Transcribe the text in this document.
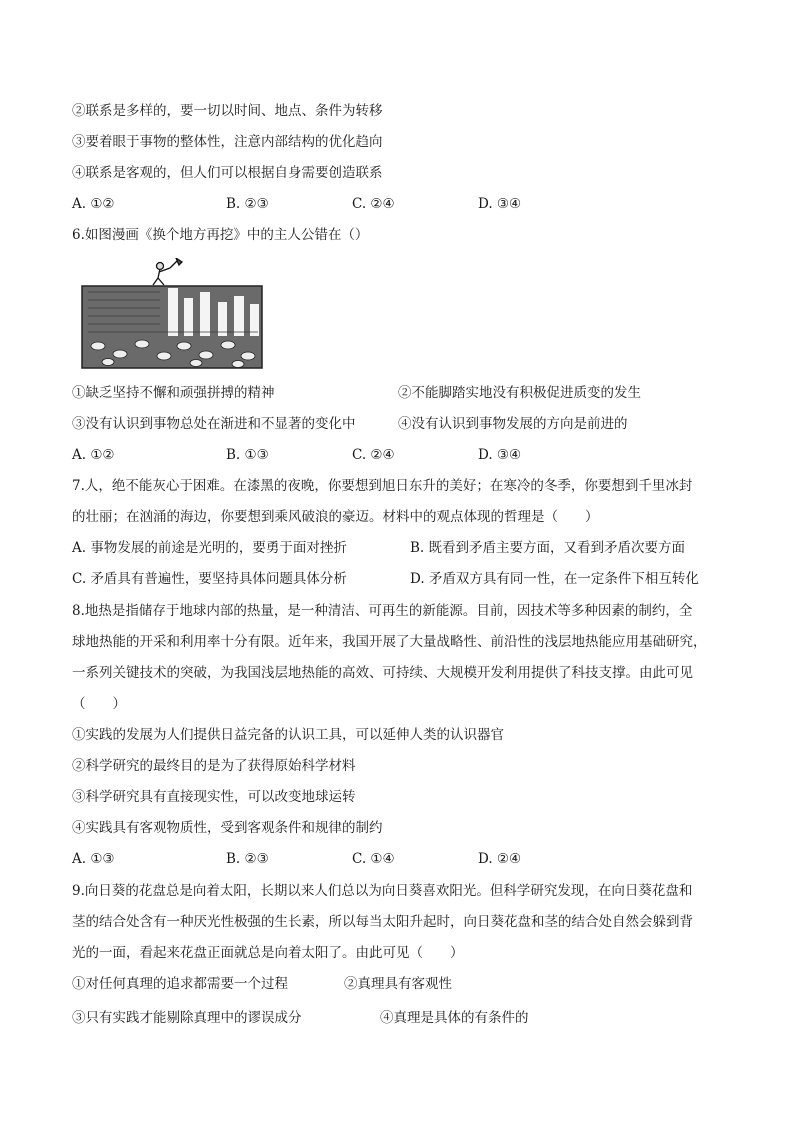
②联系是多样的，要一切以时间、地点、条件为转移
③要着眼于事物的整体性，注意内部结构的优化趋向
④联系是客观的，但人们可以根据自身需要创造联系
A. ①②	B. ②③	C. ②④	D. ③④
6.如图漫画《换个地方再挖》中的主人公错在（）
①缺乏坚持不懈和顽强拼搏的精神	②不能脚踏实地没有积极促进质变的发生
③没有认识到事物总处在渐进和不显著的变化中	④没有认识到事物发展的方向是前进的
A. ①②	B. ①③	C. ②④	D. ③④
7.人，绝不能灰心于困难。在漆黑的夜晚，你要想到旭日东升的美好；在寒冷的冬季，你要想到千里冰封
的壮丽；在汹涌的海边，你要想到乘风破浪的豪迈。材料中的观点体现的哲理是（　　）
A. 事物发展的前途是光明的，要勇于面对挫折	B. 既看到矛盾主要方面，又看到矛盾次要方面
C. 矛盾具有普遍性，要坚持具体问题具体分析	D. 矛盾双方具有同一性，在一定条件下相互转化
8.地热是指储存于地球内部的热量，是一种清洁、可再生的新能源。目前，因技术等多种因素的制约，全
球地热能的开采和利用率十分有限。近年来，我国开展了大量战略性、前沿性的浅层地热能应用基础研究，
一系列关键技术的突破，为我国浅层地热能的高效、可持续、大规模开发利用提供了科技支撑。由此可见
（　　）
①实践的发展为人们提供日益完备的认识工具，可以延伸人类的认识器官
②科学研究的最终目的是为了获得原始科学材料
③科学研究具有直接现实性，可以改变地球运转
④实践具有客观物质性，受到客观条件和规律的制约
A. ①③	B. ②③	C. ①④	D. ②④
9.向日葵的花盘总是向着太阳，长期以来人们总以为向日葵喜欢阳光。但科学研究发现，在向日葵花盘和
茎的结合处含有一种厌光性极强的生长素，所以每当太阳升起时，向日葵花盘和茎的结合处自然会躲到背
光的一面，看起来花盘正面就总是向着太阳了。由此可见（　　）
①对任何真理的追求都需要一个过程	②真理具有客观性
③只有实践才能剔除真理中的谬误成分	④真理是具体的有条件的
